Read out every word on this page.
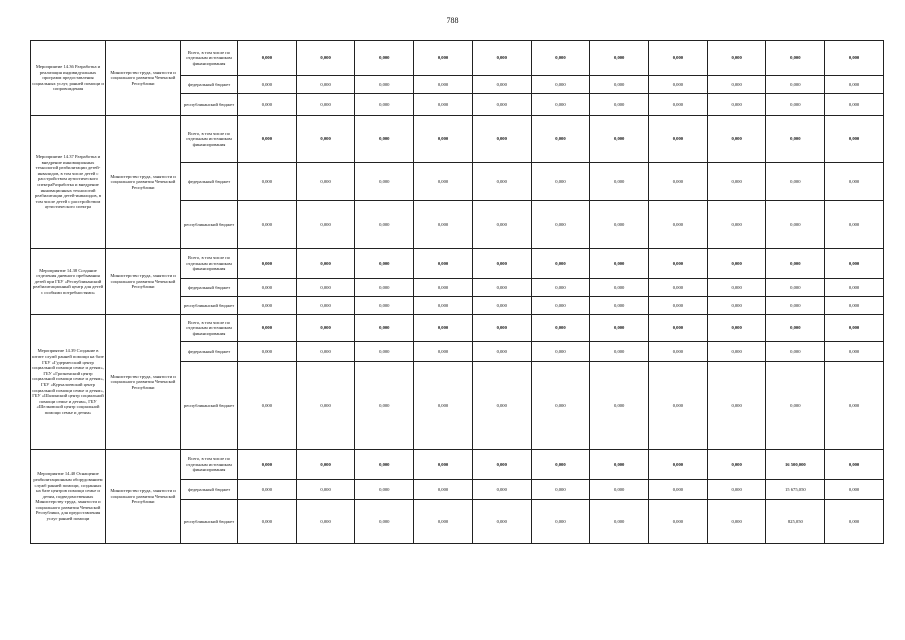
788
Мероприятие 14.36 Разработка и реализация индивидуальных программ предоставления социальных услуг, ранней помощи и сопровождения	Министерство труда, занятости и социального развития Чеченской Республики	Всего, в том числе по отдельным источникам финансирования	0,000	0,000	0,000	0,000	0,000	0,000	0,000	0,000	0,000	0,000	0,000
		федеральный бюджет	0,000	0,000	0,000	0,000	0,000	0,000	0,000	0,000	0,000	0,000	0,000
		республиканский бюджет	0,000	0,000	0,000	0,000	0,000	0,000	0,000	0,000	0,000	0,000	0,000
Мероприятие 14.37 Разработка и внедрение инновационных технологий реабилитации детей-инвалидов, в том числе детей с расстройством аутистического спектраРазработка и внедрение инновационных технологий реабилитации детей-инвалидов, в том числе детей с расстройством аутистического спектра	Министерство труда, занятости и социального развития Чеченской Республики	Всего, в том числе по отдельным источникам финансирования	0,000	0,000	0,000	0,000	0,000	0,000	0,000	0,000	0,000	0,000	0,000
		федеральный бюджет	0,000	0,000	0,000	0,000	0,000	0,000	0,000	0,000	0,000	0,000	0,000
		республиканский бюджет	0,000	0,000	0,000	0,000	0,000	0,000	0,000	0,000	0,000	0,000	0,000
Мероприятие 14.38 Создание отделения дневного пребывания детей при ГБУ «Республиканский реабилитационный центр для детей с особыми потребностями»	Министерство труда, занятости и социального развития Чеченской Республики	Всего, в том числе по отдельным источникам финансирования	0,000	0,000	0,000	0,000	0,000	0,000	0,000	0,000	0,000	0,000	0,000
		федеральный бюджет	0,000	0,000	0,000	0,000	0,000	0,000	0,000	0,000	0,000	0,000	0,000
		республиканский бюджет	0,000	0,000	0,000	0,000	0,000	0,000	0,000	0,000	0,000	0,000	0,000
Мероприятие 14.39 Создание в штате служб ранней помощи на базе ГБУ «Гудермесский центр социальной помощи семье и детям», ГБУ «Грозненский центр социальной помощи семье и детям», ГБУ «Курчалоевский центр социальной помощи семье и детям», ГБУ «Шалинский центр социальной помощи семье и детям», ГБУ «Шелковской центр социальной помощи семье и детям»	Министерство труда, занятости и социального развития Чеченской Республики	Всего, в том числе по отдельным источникам финансирования	0,000	0,000	0,000	0,000	0,000	0,000	0,000	0,000	0,000	0,000	0,000
		федеральный бюджет	0,000	0,000	0,000	0,000	0,000	0,000	0,000	0,000	0,000	0,000	0,000
		республиканский бюджет	0,000	0,000	0,000	0,000	0,000	0,000	0,000	0,000	0,000	0,000	0,000
Мероприятие 14.40 Оснащение реабилитационным оборудованием служб ранней помощи, созданных на базе центров помощи семье и детям, подведомственных Министерству труда, занятости и социального развития Чеченской Республики, для предоставления услуг ранней помощи	Министерство труда, занятости и социального развития Чеченской Республики	Всего, в том числе по отдельным источникам финансирования	0,000	0,000	0,000	0,000	0,000	0,000	0,000	0,000	0,000	16 500,000	0,000
		федеральный бюджет	0,000	0,000	0,000	0,000	0,000	0,000	0,000	0,000	0,000	15 675,050	0,000
		республиканский бюджет	0,000	0,000	0,000	0,000	0,000	0,000	0,000	0,000	0,000	825,050	0,000
